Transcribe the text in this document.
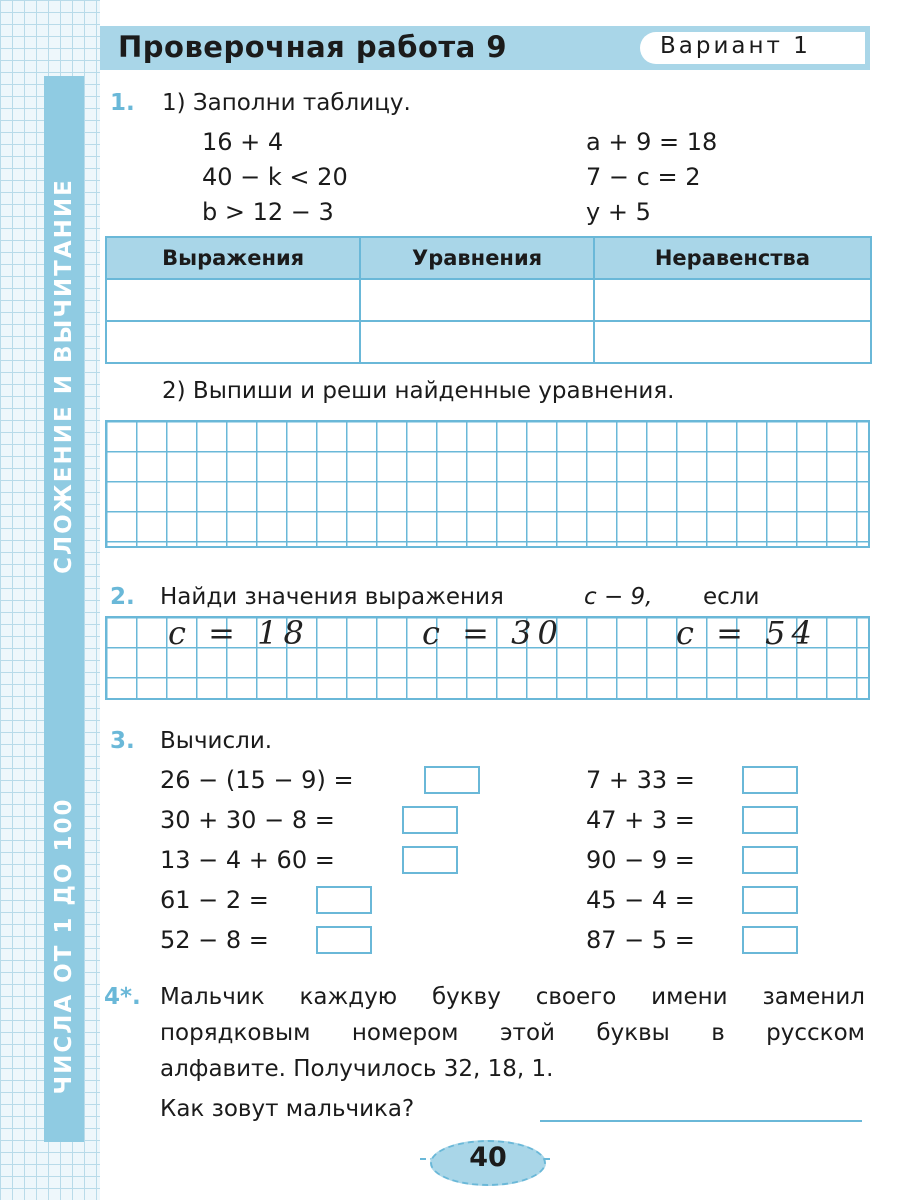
СЛОЖЕНИЕ И ВЫЧИТАНИЕ
ЧИСЛА ОТ 1 ДО 100
Проверочная работа 9	Вариант 1
1. 1) Заполни таблицу.
16 + 4
40 − k < 20
b > 12 − 3
a + 9 = 18
7 − c = 2
y + 5
Выражения	Уравнения	Неравенства

2) Выпиши и реши найденные уравнения.
2. Найди значения выражения	c − 9, если
c = 18	c = 30	c = 54
3. Вычисли.
26 − (15 − 9) =
30 + 30 − 8 =
13 − 4 + 60 =
61 − 2 =
52 − 8 =
7 + 33 =
47 + 3 =
90 − 9 =
45 − 4 =
87 − 5 =
4*. Мальчик каждую букву своего имени заменил
порядковым номером этой буквы в русском
алфавите. Получилось 32, 18, 1.
Как зовут мальчика?
40
